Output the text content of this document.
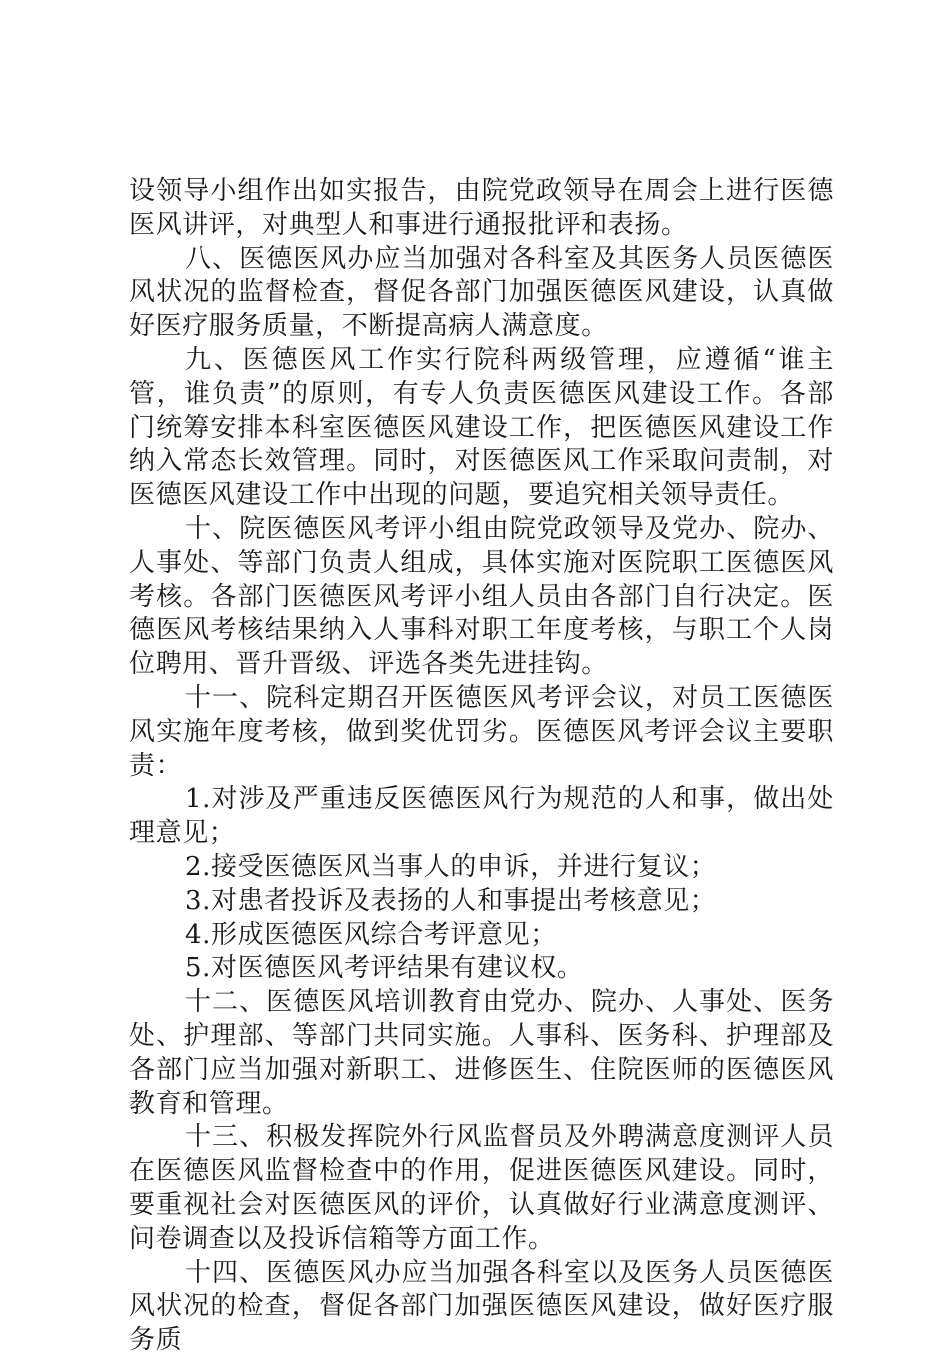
设领导小组作出如实报告，由院党政领导在周会上进行医德医风讲评，对典型人和事进行通报批评和表扬。

八、医德医风办应当加强对各科室及其医务人员医德医风状况的监督检查，督促各部门加强医德医风建设，认真做好医疗服务质量，不断提高病人满意度。

九、医德医风工作实行院科两级管理，应遵循“谁主管，谁负责”的原则，有专人负责医德医风建设工作。各部门统筹安排本科室医德医风建设工作，把医德医风建设工作纳入常态长效管理。同时，对医德医风工作采取问责制，对医德医风建设工作中出现的问题，要追究相关领导责任。

十、院医德医风考评小组由院党政领导及党办、院办、人事处、等部门负责人组成，具体实施对医院职工医德医风考核。各部门医德医风考评小组人员由各部门自行决定。医德医风考核结果纳入人事科对职工年度考核，与职工个人岗位聘用、晋升晋级、评选各类先进挂钩。

十一、院科定期召开医德医风考评会议，对员工医德医风实施年度考核，做到奖优罚劣。医德医风考评会议主要职责：

1.对涉及严重违反医德医风行为规范的人和事，做出处理意见；

2.接受医德医风当事人的申诉，并进行复议；

3.对患者投诉及表扬的人和事提出考核意见；

4.形成医德医风综合考评意见；

5.对医德医风考评结果有建议权。

十二、医德医风培训教育由党办、院办、人事处、医务处、护理部、等部门共同实施。人事科、医务科、护理部及各部门应当加强对新职工、进修医生、住院医师的医德医风教育和管理。

十三、积极发挥院外行风监督员及外聘满意度测评人员在医德医风监督检查中的作用，促进医德医风建设。同时，要重视社会对医德医风的评价，认真做好行业满意度测评、问卷调查以及投诉信箱等方面工作。

十四、医德医风办应当加强各科室以及医务人员医德医风状况的检查，督促各部门加强医德医风建设，做好医疗服务质
